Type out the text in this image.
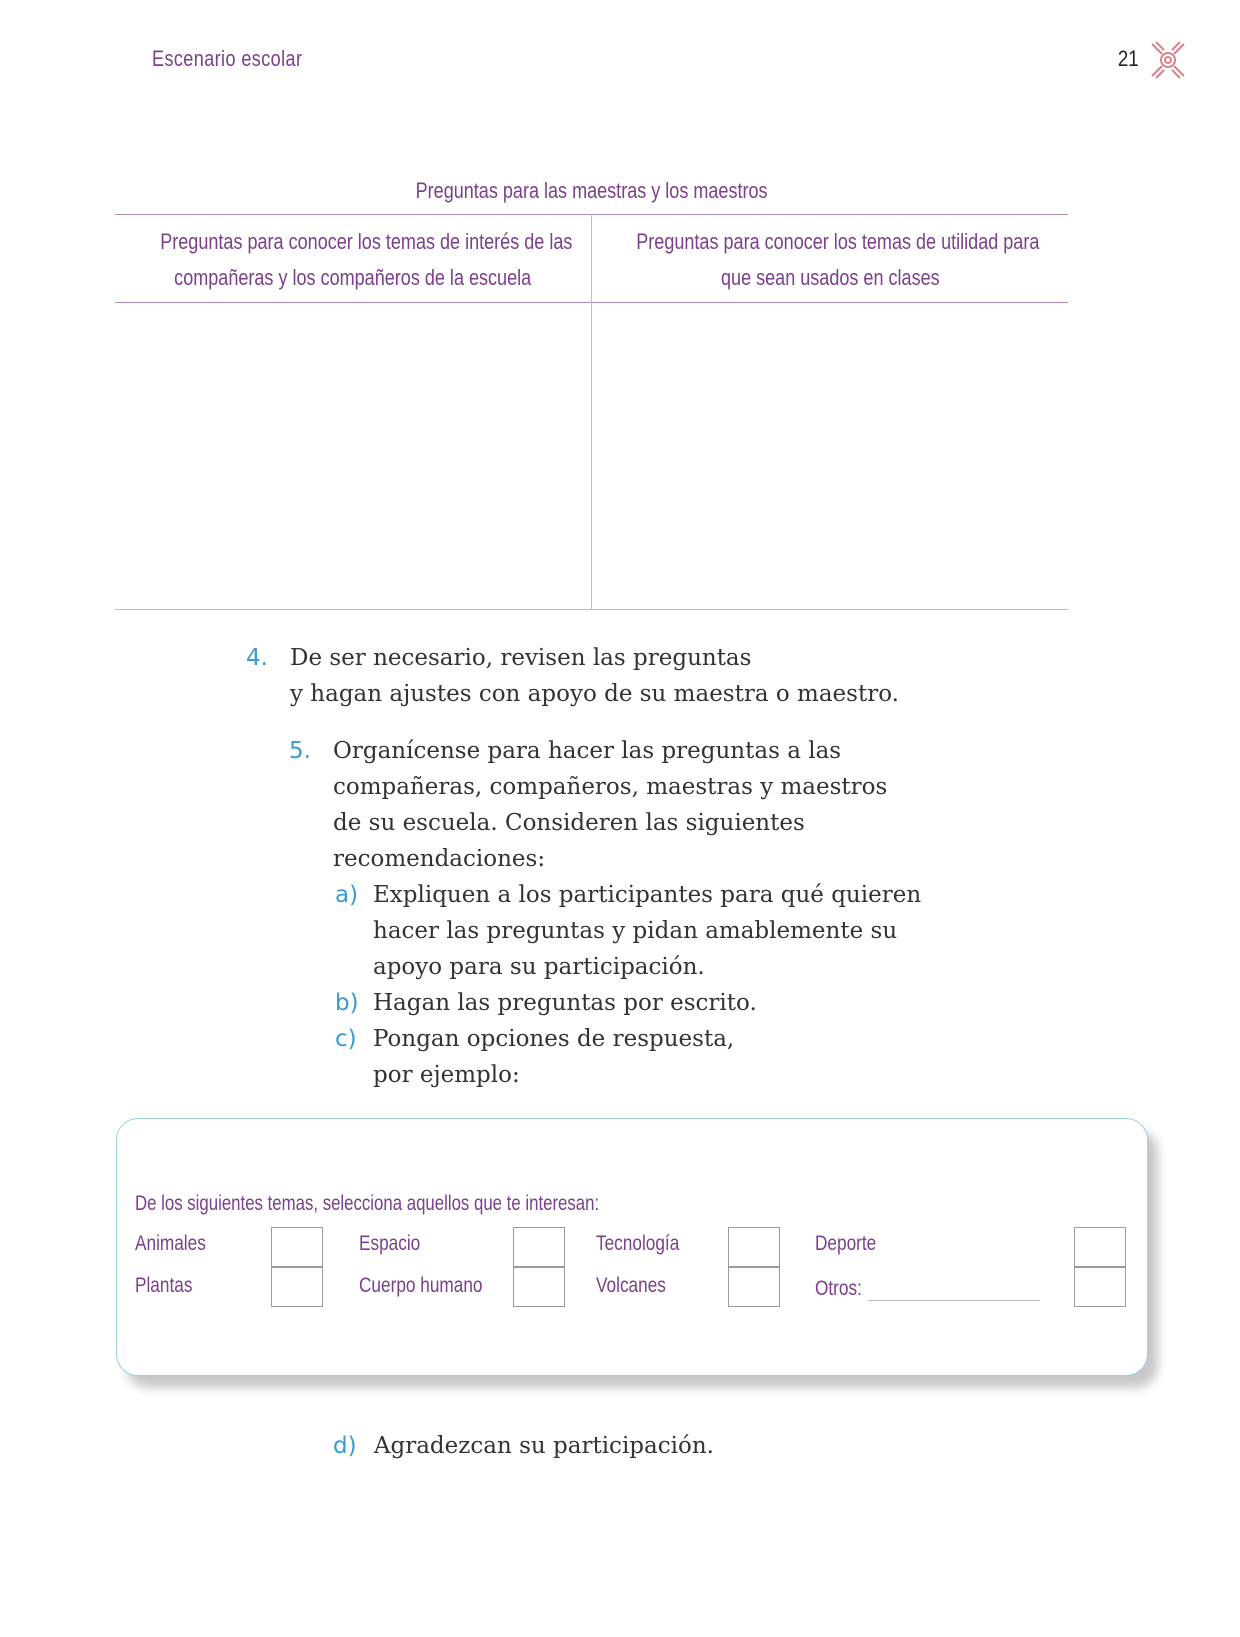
Escenario escolar	21
Preguntas para las maestras y los maestros
Preguntas para conocer los temas de interés de las
compañeras y los compañeros de la escuela
Preguntas para conocer los temas de utilidad para
que sean usados en clases
4. De ser necesario, revisen las preguntas
y hagan ajustes con apoyo de su maestra o maestro.
5. Organícense para hacer las preguntas a las
compañeras, compañeros, maestras y maestros
de su escuela. Consideren las siguientes
recomendaciones:
a) Expliquen a los participantes para qué quieren
hacer las preguntas y pidan amablemente su
apoyo para su participación.
b) Hagan las preguntas por escrito.
c) Pongan opciones de respuesta,
por ejemplo:
De los siguientes temas, selecciona aquellos que te interesan:
Animales
Plantas
Espacio
Cuerpo humano
Tecnología
Volcanes
Deporte
Otros:
d) Agradezcan su participación.
